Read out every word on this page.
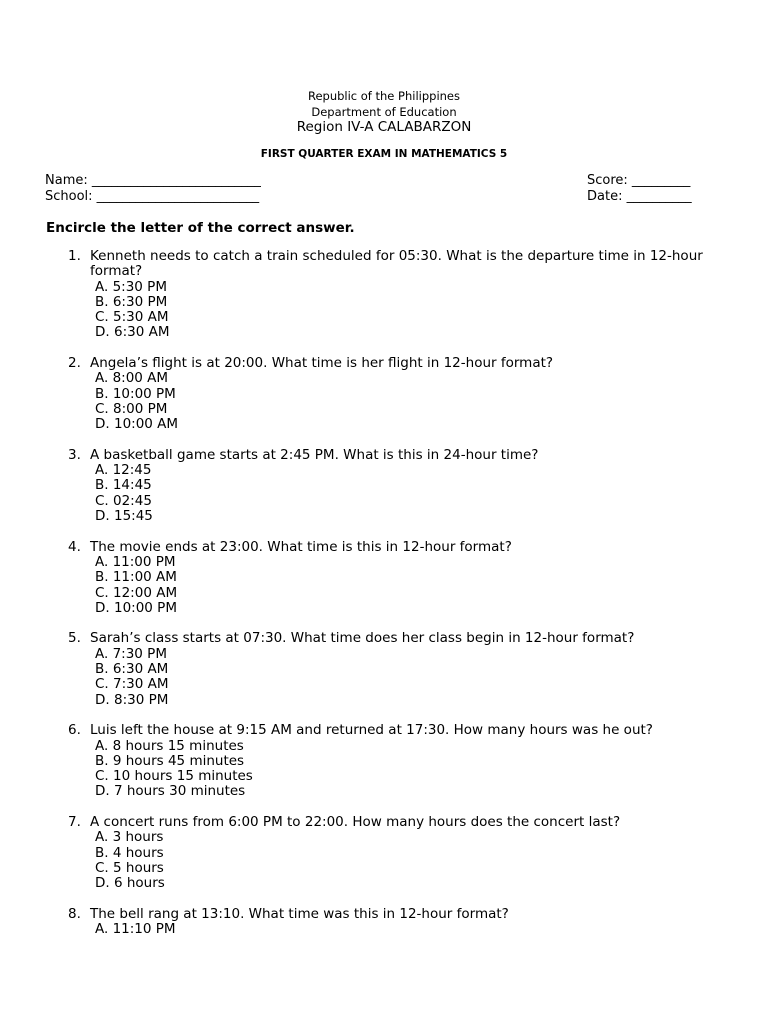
Republic of the Philippines
Department of Education
Region IV-A CALABARZON
FIRST QUARTER EXAM IN MATHEMATICS 5
Name: __________________________
School: _________________________
Score: _________
Date: __________
Encircle the letter of the correct answer.
1. Kenneth needs to catch a train scheduled for 05:30. What is the departure time in 12-hour format?
A. 5:30 PM
B. 6:30 PM
C. 5:30 AM
D. 6:30 AM
2. Angela’s flight is at 20:00. What time is her flight in 12-hour format?
A. 8:00 AM
B. 10:00 PM
C. 8:00 PM
D. 10:00 AM
3. A basketball game starts at 2:45 PM. What is this in 24-hour time?
A. 12:45
B. 14:45
C. 02:45
D. 15:45
4. The movie ends at 23:00. What time is this in 12-hour format?
A. 11:00 PM
B. 11:00 AM
C. 12:00 AM
D. 10:00 PM
5. Sarah’s class starts at 07:30. What time does her class begin in 12-hour format?
A. 7:30 PM
B. 6:30 AM
C. 7:30 AM
D. 8:30 PM
6. Luis left the house at 9:15 AM and returned at 17:30. How many hours was he out?
A. 8 hours 15 minutes
B. 9 hours 45 minutes
C. 10 hours 15 minutes
D. 7 hours 30 minutes
7. A concert runs from 6:00 PM to 22:00. How many hours does the concert last?
A. 3 hours
B. 4 hours
C. 5 hours
D. 6 hours
8. The bell rang at 13:10. What time was this in 12-hour format?
A. 11:10 PM
